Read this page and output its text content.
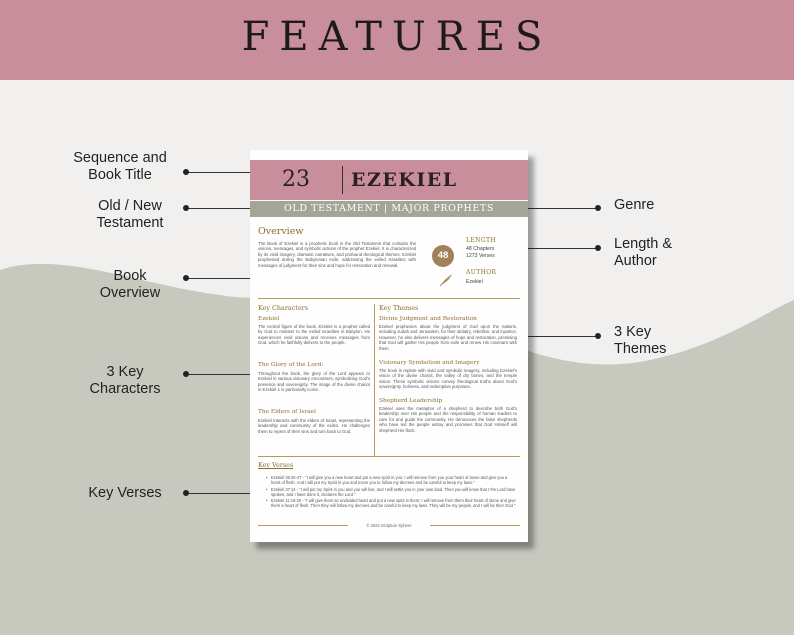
FEATURES
Sequence and
Book Title
Old / New
Testament
Book
Overview
3 Key
Characters
Key Verses
Genre
Length &
Author
3 Key
Themes
23	EZEKIEL
OLD TESTAMENT | MAJOR PROPHETS
Overview

The Book of Ezekiel is a prophetic book in the Old Testament that contains the visions, messages, and symbolic actions of the prophet Ezekiel. It is characterized by its vivid imagery, dramatic narratives, and profound theological themes. Ezekiel prophesied during the Babylonian exile, addressing the exiled Israelites with messages of judgment for their sins and hope for restoration and renewal.

48
LENGTH
48 Chapters
1273 Verses
AUTHOR
Ezekiel
Key Characters
Ezekiel

The central figure of the book, Ezekiel is a prophet called by God to minister to the exiled Israelites in Babylon. He experiences vivid visions and receives messages from God, which he faithfully delivers to the people.

The Glory of the Lord:

Throughout the book, the glory of the Lord appears to Ezekiel in various visionary encounters, symbolizing God's presence and sovereignty. The image of the divine chariot in Ezekiel 1 is particularly iconic.

The Elders of Israel

Ezekiel interacts with the elders of Israel, representing the leadership and community of the exiles. He challenges them to repent of their sins and turn back to God.

Key Themes
Divine Judgment and Restoration

Ezekiel prophesies about the judgment of God upon the nations, including Judah and Jerusalem, for their idolatry, rebellion, and injustice. However, he also delivers messages of hope and restoration, promising that God will gather His people from exile and renew His covenant with them.

Visionary Symbolism and Imagery

The book is replete with vivid and symbolic imagery, including Ezekiel's vision of the divine chariot, the valley of dry bones, and the temple vision. These symbolic visions convey theological truths about God's sovereignty, holiness, and redemptive purposes.

Shepherd Leadership

Ezekiel uses the metaphor of a shepherd to describe both God's leadership over His people and the responsibility of human leaders to care for and guide the community. He denounces the false shepherds who have led the people astray and promises that God Himself will shepherd His flock.

Key Verses
• Ezekiel 36:26-27 - "I will give you a new heart and put a new spirit in you; I will remove from you your heart of stone and give you a heart of flesh. And I will put my Spirit in you and move you to follow my decrees and be careful to keep my laws."
• Ezekiel 37:14 - "I will put my Spirit in you and you will live, and I will settle you in your own land. Then you will know that I the Lord have spoken, and I have done it, declares the Lord."
• Ezekiel 11:19-20 - "I will give them an undivided heart and put a new spirit in them; I will remove from them their heart of stone and give them a heart of flesh. Then they will follow my decrees and be careful to keep my laws. They will be my people, and I will be their God."
© 2024 Scripture Sphere
